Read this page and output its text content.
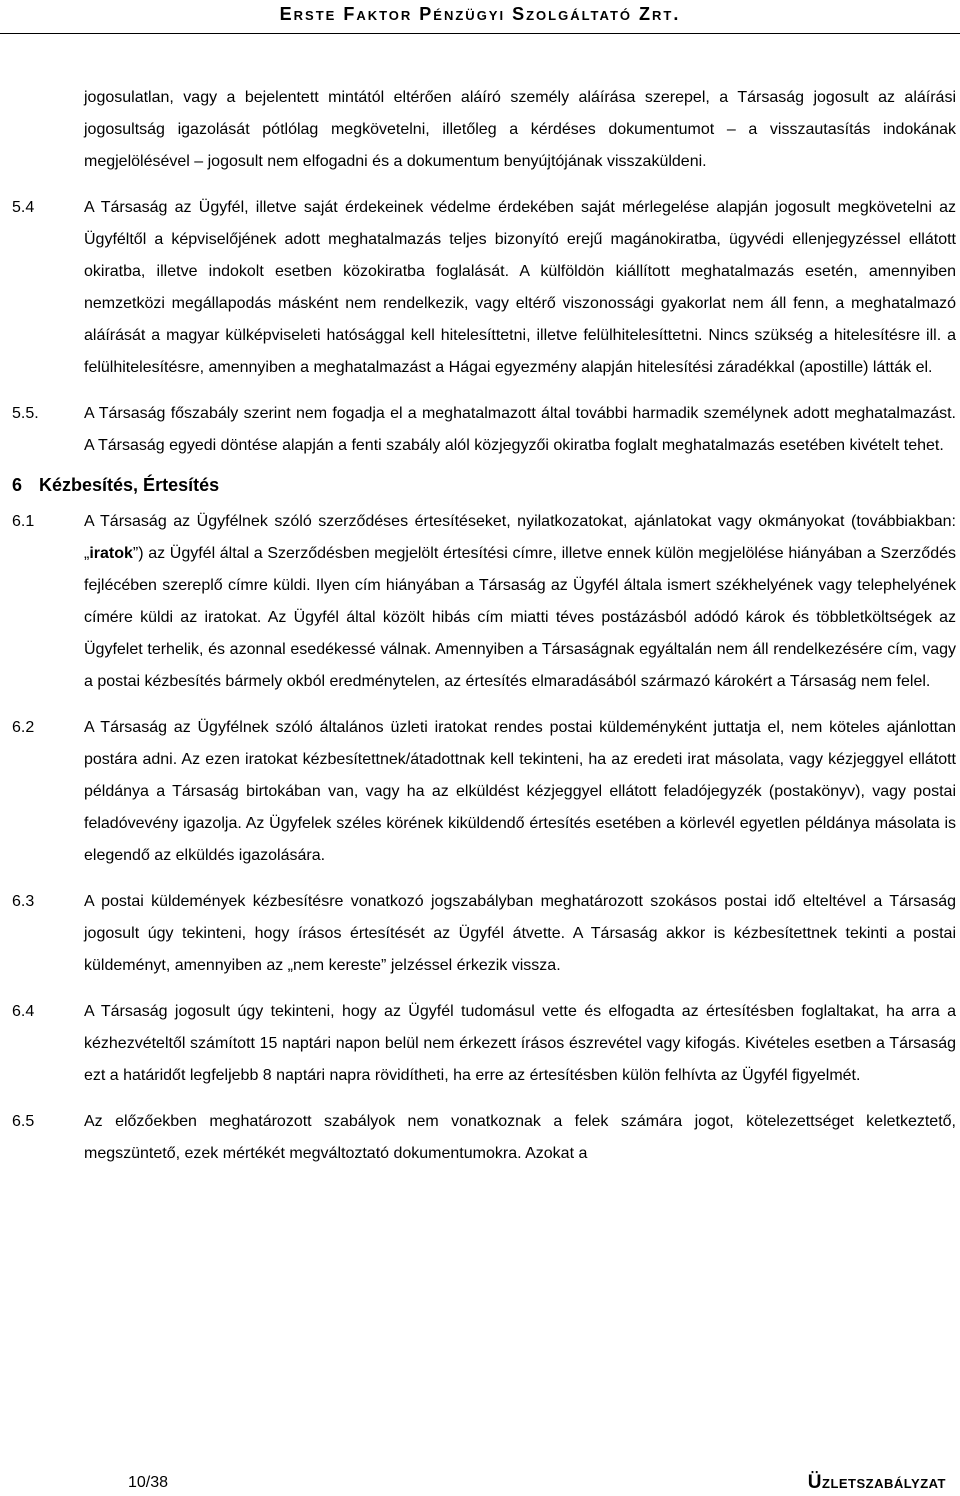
Erste Faktor Pénzügyi Szolgáltató Zrt.
jogosulatlan, vagy a bejelentett mintától eltérően aláíró személy aláírása szerepel, a Társaság jogosult az aláírási jogosultság igazolását pótlólag megkövetelni, illetőleg a kérdéses dokumentumot – a visszautasítás indokának megjelölésével – jogosult nem elfogadni és a dokumentum benyújtójának visszaküldeni.
5.4	A Társaság az Ügyfél, illetve saját érdekeinek védelme érdekében saját mérlegelése alapján jogosult megkövetelni az Ügyféltől a képviselőjének adott meghatalmazás teljes bizonyító erejű magánokiratba, ügyvédi ellenjegyzéssel ellátott okiratba, illetve indokolt esetben közokiratba foglalását. A külföldön kiállított meghatalmazás esetén, amennyiben nemzetközi megállapodás másként nem rendelkezik, vagy eltérő viszonossági gyakorlat nem áll fenn, a meghatalmazó aláírását a magyar külképviseleti hatósággal kell hitelesíttetni, illetve felülhitelesíttetni. Nincs szükség a hitelesítésre ill. a felülhitelesítésre, amennyiben a meghatalmazást a Hágai egyezmény alapján hitelesítési záradékkal (apostille) látták el.
5.5.	A Társaság főszabály szerint nem fogadja el a meghatalmazott által további harmadik személynek adott meghatalmazást. A Társaság egyedi döntése alapján a fenti szabály alól közjegyzői okiratba foglalt meghatalmazás esetében kivételt tehet.
6 Kézbesítés, Értesítés
6.1	A Társaság az Ügyfélnek szóló szerződéses értesítéseket, nyilatkozatokat, ajánlatokat vagy okmányokat (továbbiakban: „iratok”) az Ügyfél által a Szerződésben megjelölt értesítési címre, illetve ennek külön megjelölése hiányában a Szerződés fejlécében szereplő címre küldi. Ilyen cím hiányában a Társaság az Ügyfél általa ismert székhelyének vagy telephelyének címére küldi az iratokat. Az Ügyfél által közölt hibás cím miatti téves postázásból adódó károk és többletköltségek az Ügyfelet terhelik, és azonnal esedékessé válnak. Amennyiben a Társaságnak egyáltalán nem áll rendelkezésére cím, vagy a postai kézbesítés bármely okból eredménytelen, az értesítés elmaradásából származó károkért a Társaság nem felel.
6.2	A Társaság az Ügyfélnek szóló általános üzleti iratokat rendes postai küldeményként juttatja el, nem köteles ajánlottan postára adni. Az ezen iratokat kézbesítettnek/átadottnak kell tekinteni, ha az eredeti irat másolata, vagy kézjeggyel ellátott példánya a Társaság birtokában van, vagy ha az elküldést kézjeggyel ellátott feladójegyzék (postakönyv), vagy postai feladóvevény igazolja. Az Ügyfelek széles körének kiküldendő értesítés esetében a körlevél egyetlen példánya másolata is elegendő az elküldés igazolására.
6.3	A postai küldemények kézbesítésre vonatkozó jogszabályban meghatározott szokásos postai idő elteltével a Társaság jogosult úgy tekinteni, hogy írásos értesítését az Ügyfél átvette. A Társaság akkor is kézbesítettnek tekinti a postai küldeményt, amennyiben az „nem kereste” jelzéssel érkezik vissza.
6.4	A Társaság jogosult úgy tekinteni, hogy az Ügyfél tudomásul vette és elfogadta az értesítésben foglaltakat, ha arra a kézhezvételtől számított 15 naptári napon belül nem érkezett írásos észrevétel vagy kifogás. Kivételes esetben a Társaság ezt a határidőt legfeljebb 8 naptári napra rövidítheti, ha erre az értesítésben külön felhívta az Ügyfél figyelmét.
6.5	Az előzőekben meghatározott szabályok nem vonatkoznak a felek számára jogot, kötelezettséget keletkeztető, megszüntető, ezek mértékét megváltoztató dokumentumokra. Azokat a
10/38	Üzletszabályzat
